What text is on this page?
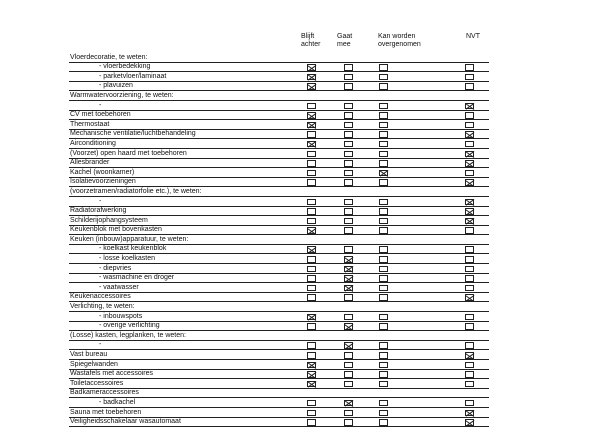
Blijft
achter
Gaat
mee
Kan worden
overgenomen
NVT
Vloerdecoratie, te weten:
- vloerbedekking
- parketvloer/laminaat
- plavuizen
Warmwatervoorziening, te weten:
-
CV met toebehoren
Thermostaat
Mechanische ventilatie/luchtbehandeling
Airconditioning
(Voorzet) open haard met toebehoren
Allesbrander
Kachel (woonkamer)
Isolatievoorzieningen
(voorzetramen/radiatorfolie etc.), te weten:
-
Radiatorafwerking
Schilderijophangsysteem
Keukenblok met bovenkasten
Keuken (inbouw)apparatuur, te weten:
- koelkast keukenblok
- losse koelkasten
- diepvries
- wasmachine en droger
- vaatwasser
Keukenaccessoires
Verlichting, te weten:
- inbouwspots
- overige verlichting
(Losse) kasten, legplanken, te weten:
-
Vast bureau
Spiegelwanden
Wastafels met accessoires
Toiletaccessoires
Badkameraccessoires
- badkachel
Sauna met toebehoren
Veiligheidsschakelaar wasautomaat
